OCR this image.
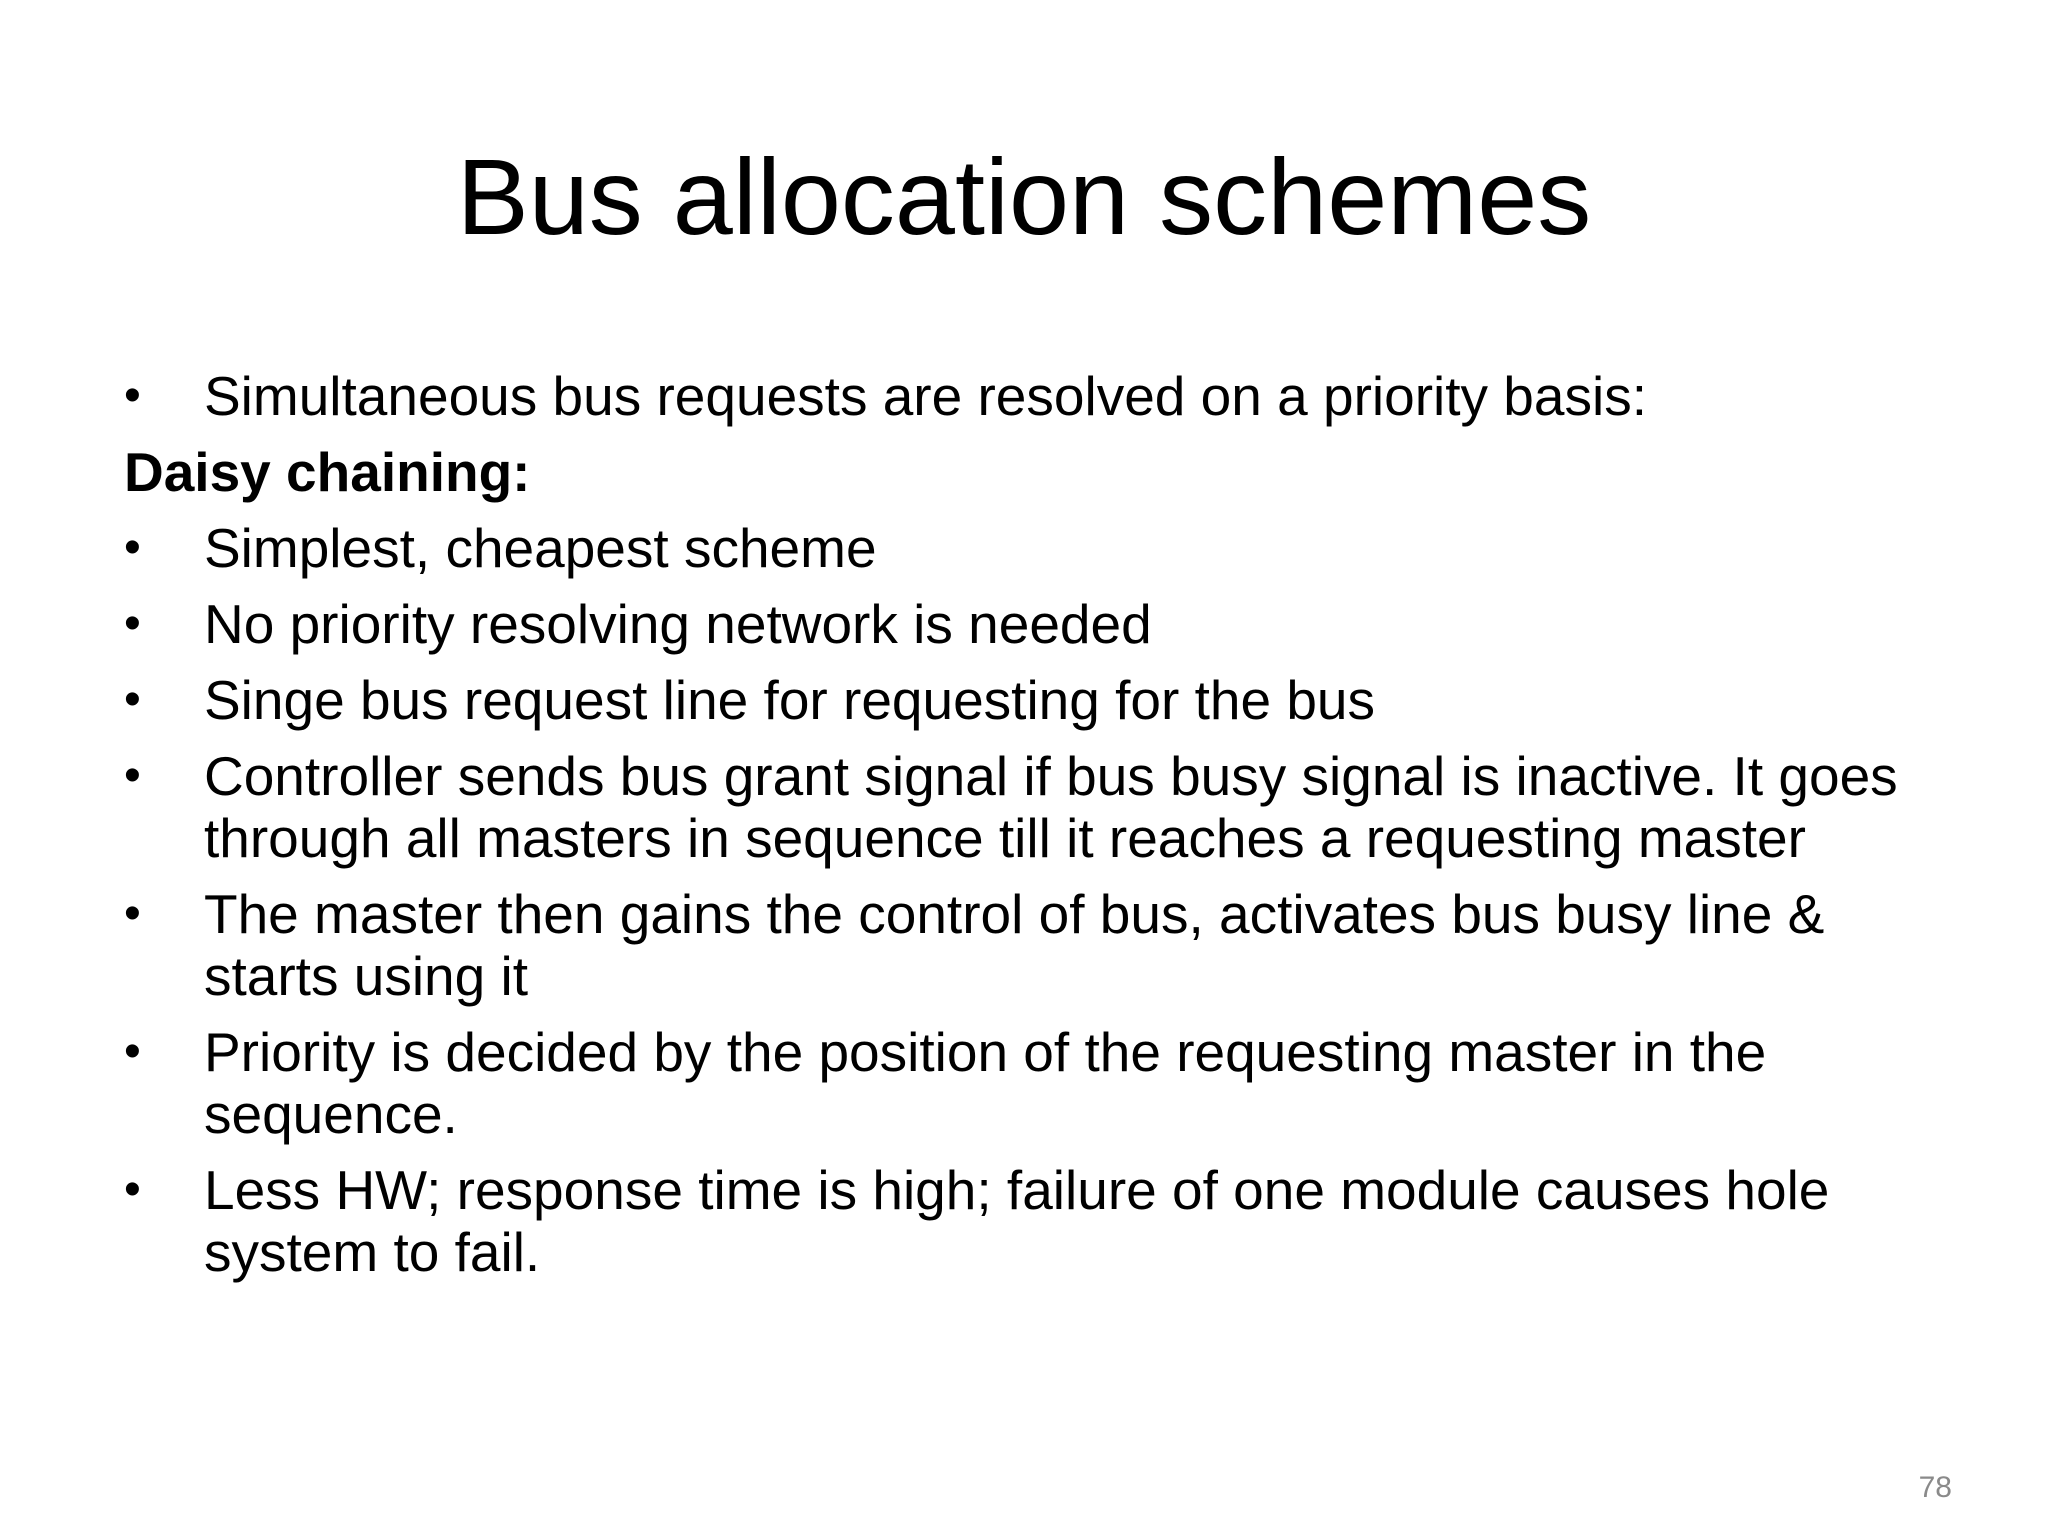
Bus allocation schemes
•	Simultaneous bus requests are resolved on a priority basis:
Daisy chaining:
•	Simplest, cheapest scheme
•	No priority resolving network is needed
•	Singe bus request line for requesting for the bus
•	Controller sends bus grant signal if bus busy signal is inactive. It goes through all masters in sequence till it reaches a requesting master
•	The master then gains the control of bus, activates bus busy line & starts using it
•	Priority is decided by the position of the requesting master in the sequence.
•	Less HW; response time is high; failure of one module causes hole system to fail.
78
